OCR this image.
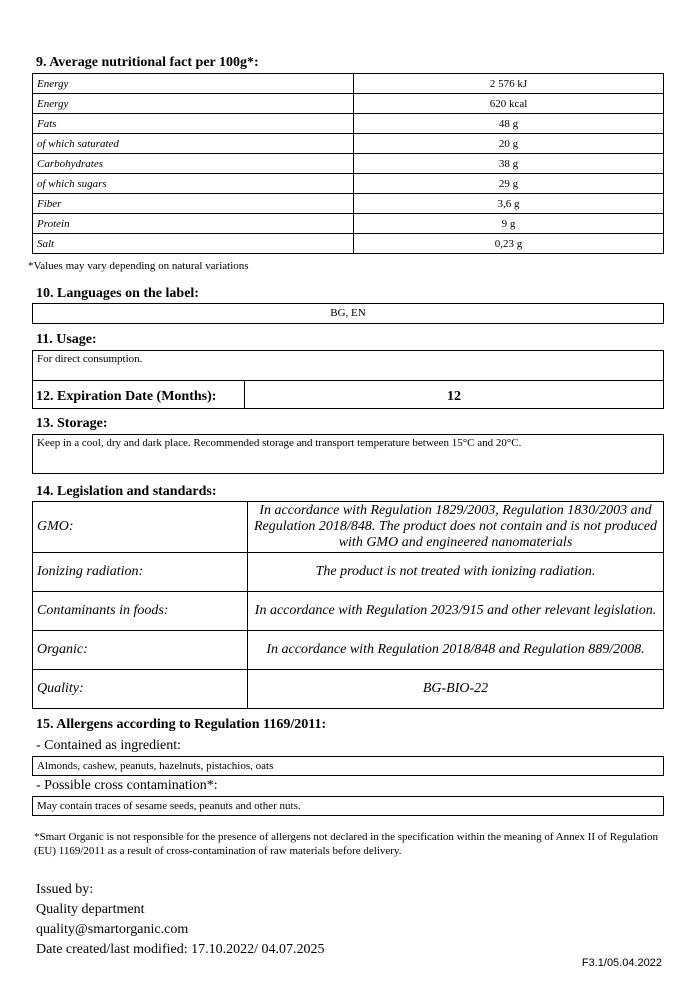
9. Average nutritional fact per 100g*:
Energy	2 576 kJ
Energy	620 kcal
Fats	48 g
of which saturated	20 g
Carbohydrates	38 g
of which sugars	29 g
Fiber	3,6 g
Protein	9 g
Salt	0,23 g
*Values may vary depending on natural variations
10. Languages on the label:
BG, EN
11. Usage:
For direct consumption.
12. Expiration Date (Months):	12
13. Storage:
Keep in a cool, dry and dark place. Recommended storage and transport temperature between 15°C and 20°C.
14. Legislation and standards:
GMO:	In accordance with Regulation 1829/2003, Regulation 1830/2003 and Regulation 2018/848. The product does not contain and is not produced with GMO and engineered nanomaterials
Ionizing radiation:	The product is not treated with ionizing radiation.
Contaminants in foods:	In accordance with Regulation 2023/915 and other relevant legislation.
Organic:	In accordance with Regulation 2018/848 and Regulation 889/2008.
Quality:	BG-BIO-22
15. Allergens according to Regulation 1169/2011:
- Contained as ingredient:
Almonds, cashew, peanuts, hazelnuts, pistachios, oats
- Possible cross contamination*:
May contain traces of sesame seeds, peanuts and other nuts.
*Smart Organic is not responsible for the presence of allergens not declared in the specification within the meaning of Annex II of Regulation (EU) 1169/2011 as a result of cross-contamination of raw materials before delivery.
Issued by:
Quality department
quality@smartorganic.com
Date created/last modified: 17.10.2022/ 04.07.2025
F3.1/05.04.2022
